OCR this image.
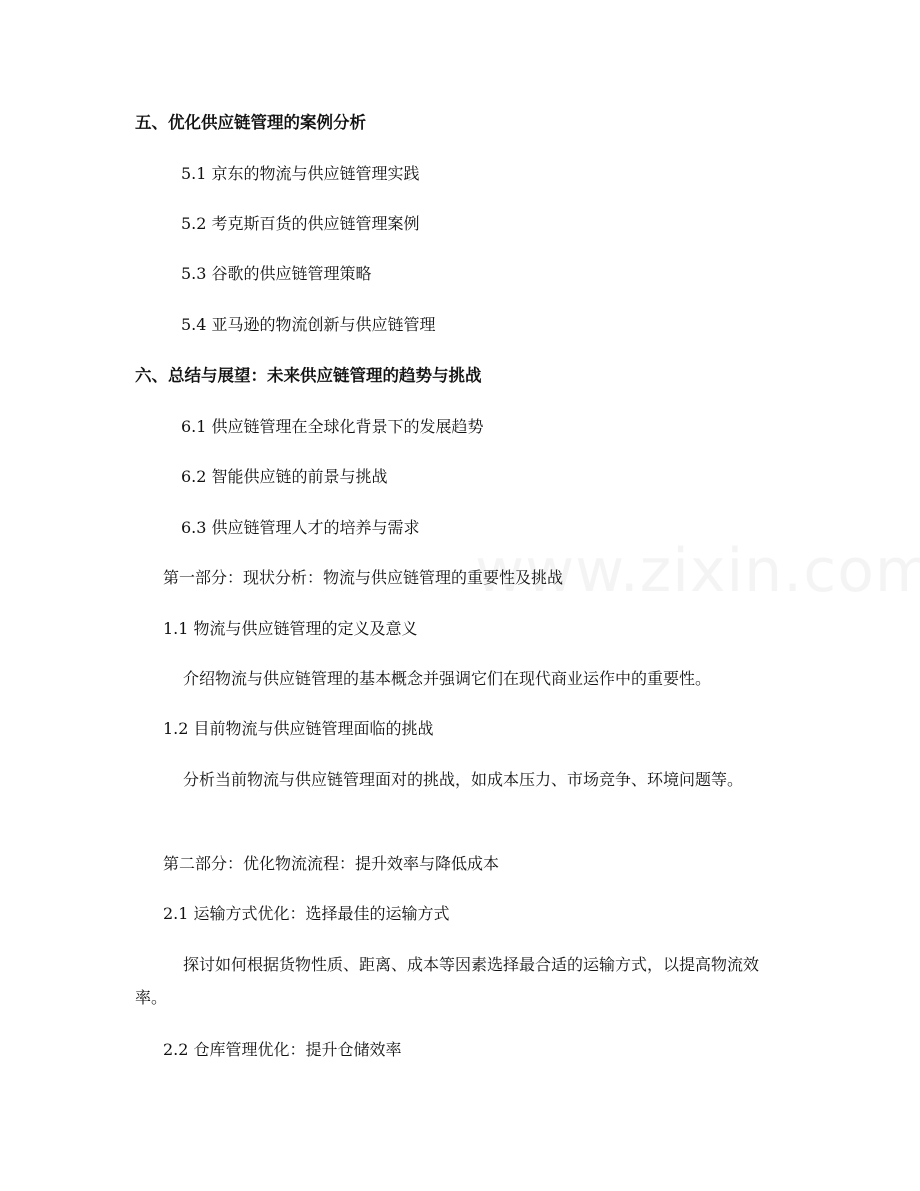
五、优化供应链管理的案例分析
5.1 京东的物流与供应链管理实践
5.2 考克斯百货的供应链管理案例
5.3 谷歌的供应链管理策略
5.4 亚马逊的物流创新与供应链管理
六、总结与展望：未来供应链管理的趋势与挑战
6.1 供应链管理在全球化背景下的发展趋势
6.2 智能供应链的前景与挑战
6.3 供应链管理人才的培养与需求
第一部分：现状分析：物流与供应链管理的重要性及挑战
1.1 物流与供应链管理的定义及意义
介绍物流与供应链管理的基本概念并强调它们在现代商业运作中的重要性。
1.2 目前物流与供应链管理面临的挑战
分析当前物流与供应链管理面对的挑战，如成本压力、市场竞争、环境问题等。
第二部分：优化物流流程：提升效率与降低成本
2.1 运输方式优化：选择最佳的运输方式
探讨如何根据货物性质、距离、成本等因素选择最合适的运输方式，以提高物流效率。
2.2 仓库管理优化：提升仓储效率
